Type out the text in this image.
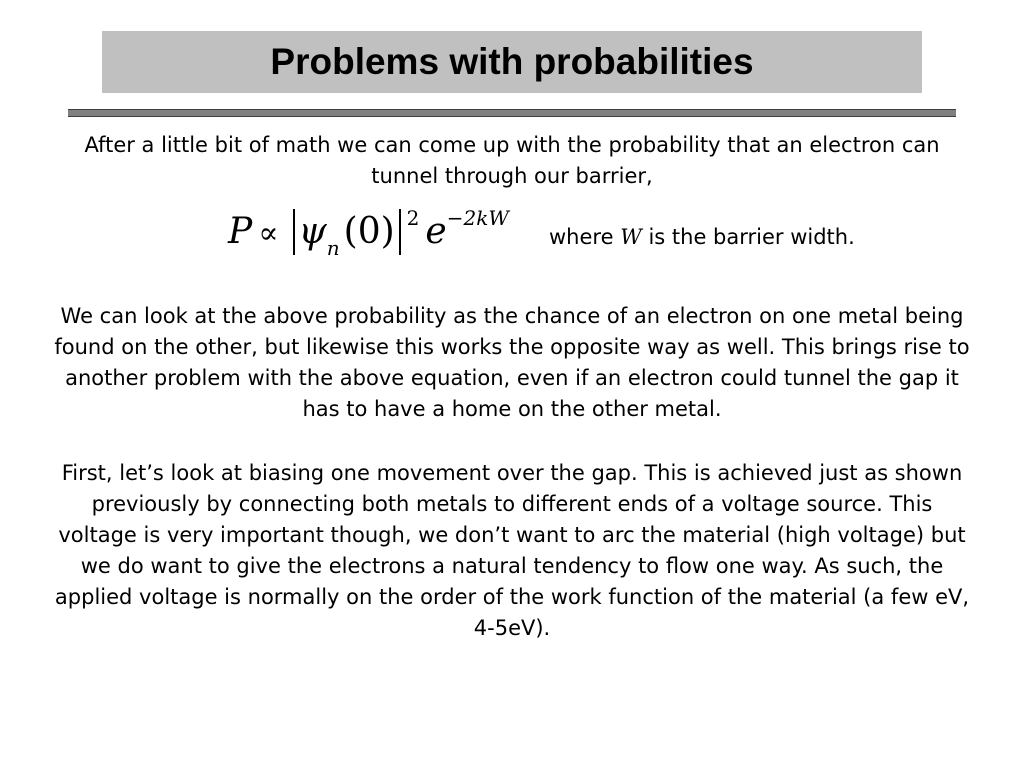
Problems with probabilities

After a little bit of math we can come up with the probability that an electron can tunnel through our barrier,

$P \propto \psi_n$ (0) $^2$ $e^{-2kW}$
where W is the barrier width.

We can look at the above probability as the chance of an electron on one metal being found on the other, but likewise this works the opposite way as well. This brings rise to another problem with the above equation, even if an electron could tunnel the gap it has to have a home on the other metal.

First, let’s look at biasing one movement over the gap. This is achieved just as shown previously by connecting both metals to different ends of a voltage source. This voltage is very important though, we don’t want to arc the material (high voltage) but we do want to give the electrons a natural tendency to flow one way. As such, the applied voltage is normally on the order of the work function of the material (a few eV, 4-5eV).
